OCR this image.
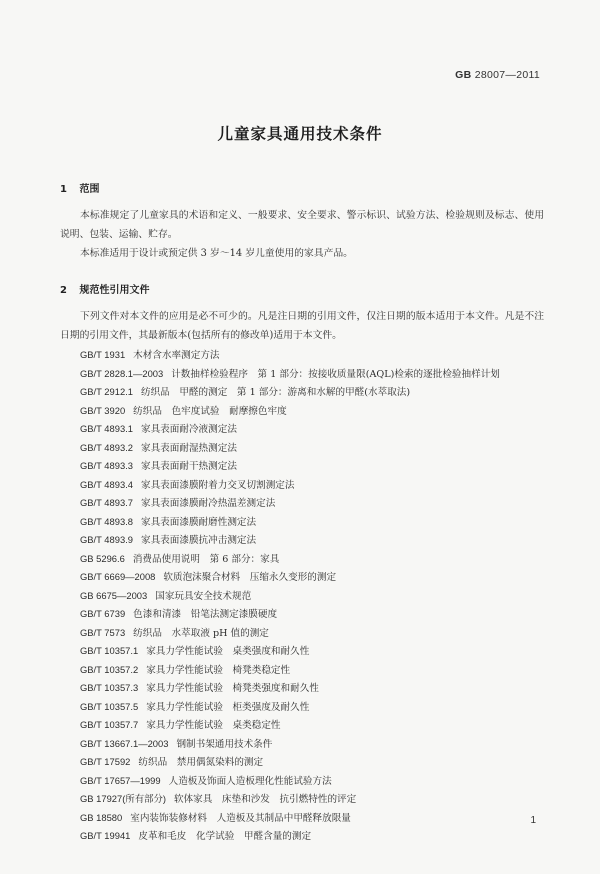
GB 28007—2011
儿童家具通用技术条件
1 范围
本标准规定了儿童家具的术语和定义、一般要求、安全要求、警示标识、试验方法、检验规则及标志、使用说明、包装、运输、贮存。
本标准适用于设计或预定供 3 岁～14 岁儿童使用的家具产品。
2 规范性引用文件
下列文件对本文件的应用是必不可少的。凡是注日期的引用文件，仅注日期的版本适用于本文件。凡是不注日期的引用文件，其最新版本(包括所有的修改单)适用于本文件。
GB/T 1931 木材含水率测定方法
GB/T 2828.1—2003 计数抽样检验程序　第 1 部分：按接收质量限(AQL)检索的逐批检验抽样计划
GB/T 2912.1 纺织品　甲醛的测定　第 1 部分：游离和水解的甲醛(水萃取法)
GB/T 3920 纺织品　色牢度试验　耐摩擦色牢度
GB/T 4893.1 家具表面耐冷液测定法
GB/T 4893.2 家具表面耐湿热测定法
GB/T 4893.3 家具表面耐干热测定法
GB/T 4893.4 家具表面漆膜附着力交叉切割测定法
GB/T 4893.7 家具表面漆膜耐冷热温差测定法
GB/T 4893.8 家具表面漆膜耐磨性测定法
GB/T 4893.9 家具表面漆膜抗冲击测定法
GB 5296.6 消费品使用说明　第 6 部分：家具
GB/T 6669—2008 软质泡沫聚合材料　压缩永久变形的测定
GB 6675—2003 国家玩具安全技术规范
GB/T 6739 色漆和清漆　铅笔法测定漆膜硬度
GB/T 7573 纺织品　水萃取液 pH 值的测定
GB/T 10357.1 家具力学性能试验　桌类强度和耐久性
GB/T 10357.2 家具力学性能试验　椅凳类稳定性
GB/T 10357.3 家具力学性能试验　椅凳类强度和耐久性
GB/T 10357.5 家具力学性能试验　柜类强度及耐久性
GB/T 10357.7 家具力学性能试验　桌类稳定性
GB/T 13667.1—2003 钢制书架通用技术条件
GB/T 17592 纺织品　禁用偶氮染料的测定
GB/T 17657—1999 人造板及饰面人造板理化性能试验方法
GB 17927(所有部分) 软体家具　床垫和沙发　抗引燃特性的评定
GB 18580 室内装饰装修材料　人造板及其制品中甲醛释放限量
GB/T 19941 皮革和毛皮　化学试验　甲醛含量的测定
1
